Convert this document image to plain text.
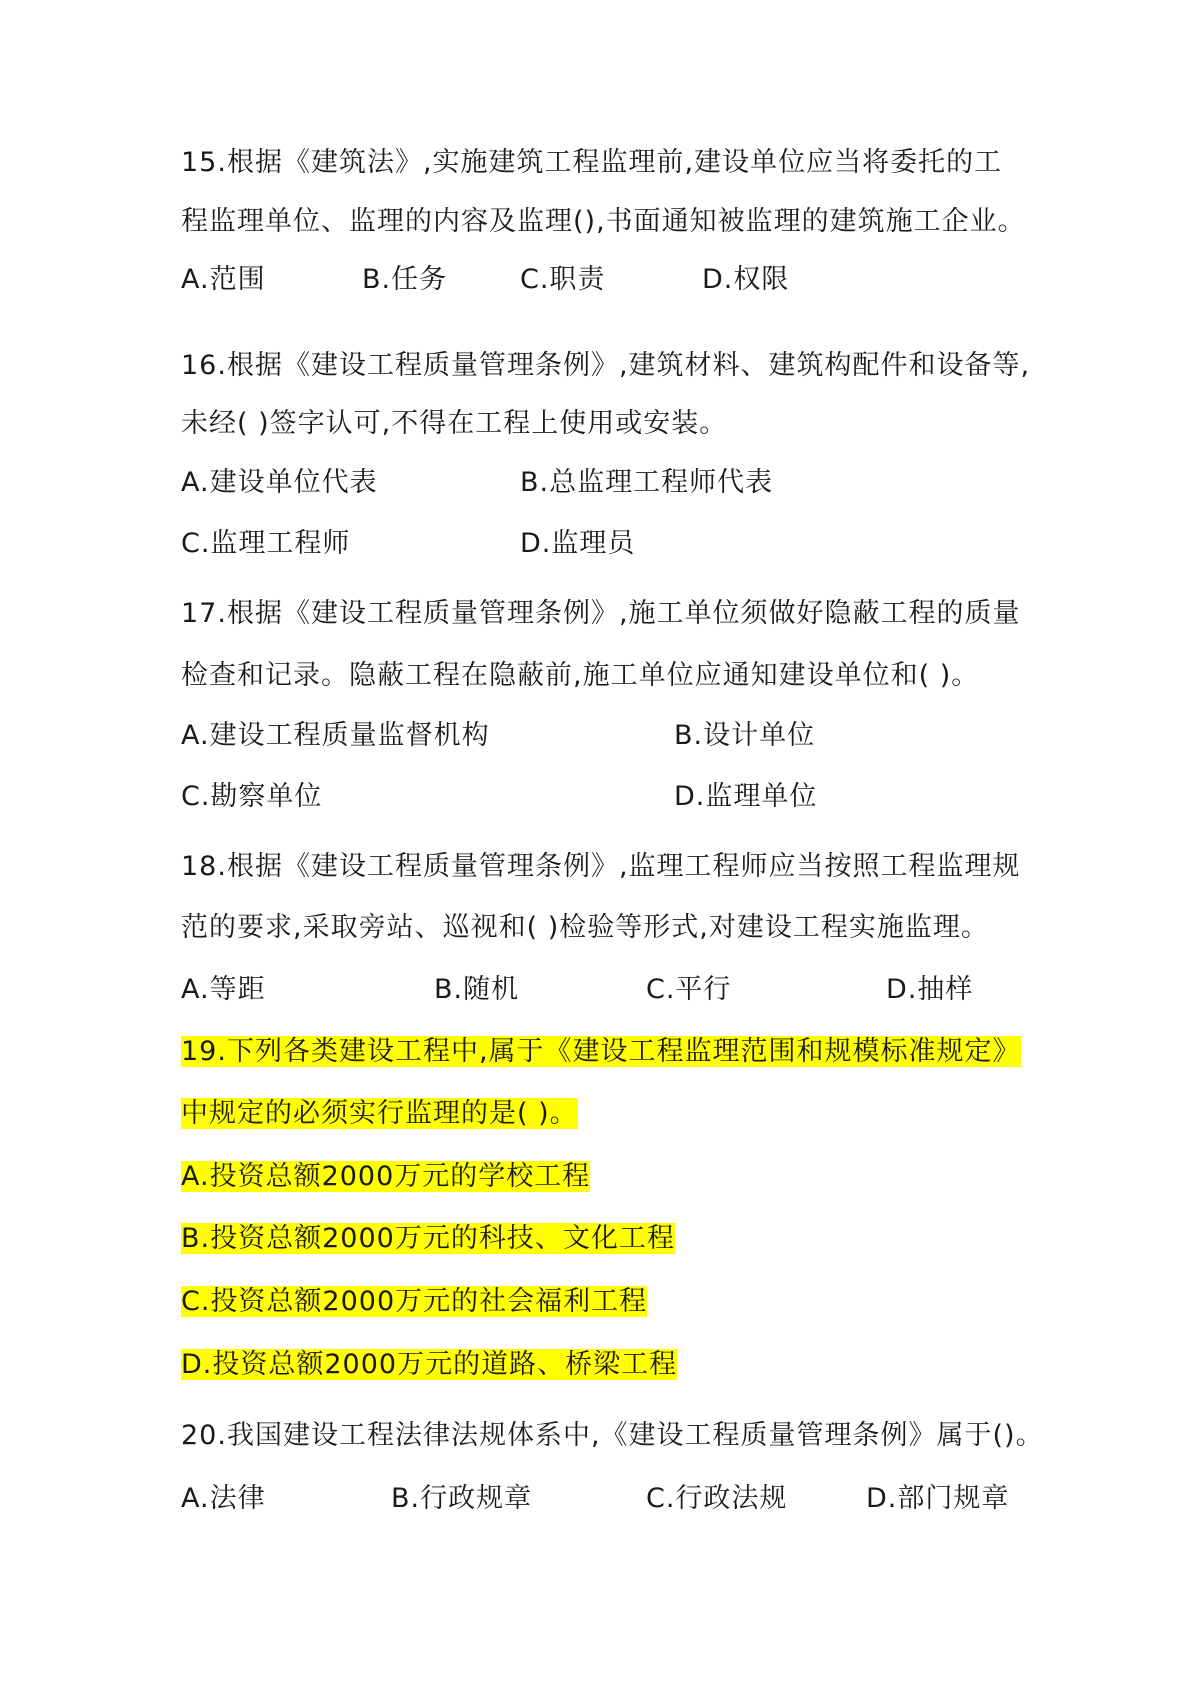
15.根据《建筑法》,实施建筑工程监理前,建设单位应当将委托的工
程监理单位、监理的内容及监理(),书面通知被监理的建筑施工企业。
A.范围	B.任务	C.职责	D.权限
16.根据《建设工程质量管理条例》,建筑材料、建筑构配件和设备等,
未经( )签字认可,不得在工程上使用或安装。
A.建设单位代表	B.总监理工程师代表
C.监理工程师	D.监理员
17.根据《建设工程质量管理条例》,施工单位须做好隐蔽工程的质量
检查和记录。隐蔽工程在隐蔽前,施工单位应通知建设单位和( )。
A.建设工程质量监督机构	B.设计单位
C.勘察单位	D.监理单位
18.根据《建设工程质量管理条例》,监理工程师应当按照工程监理规
范的要求,采取旁站、巡视和( )检验等形式,对建设工程实施监理。
A.等距	B.随机	C.平行	D.抽样
19.下列各类建设工程中,属于《建设工程监理范围和规模标准规定》
中规定的必须实行监理的是( )。
A.投资总额2000万元的学校工程
B.投资总额2000万元的科技、文化工程
C.投资总额2000万元的社会福利工程
D.投资总额2000万元的道路、桥梁工程
20.我国建设工程法律法规体系中,《建设工程质量管理条例》属于()。
A.法律	B.行政规章	C.行政法规	D.部门规章
